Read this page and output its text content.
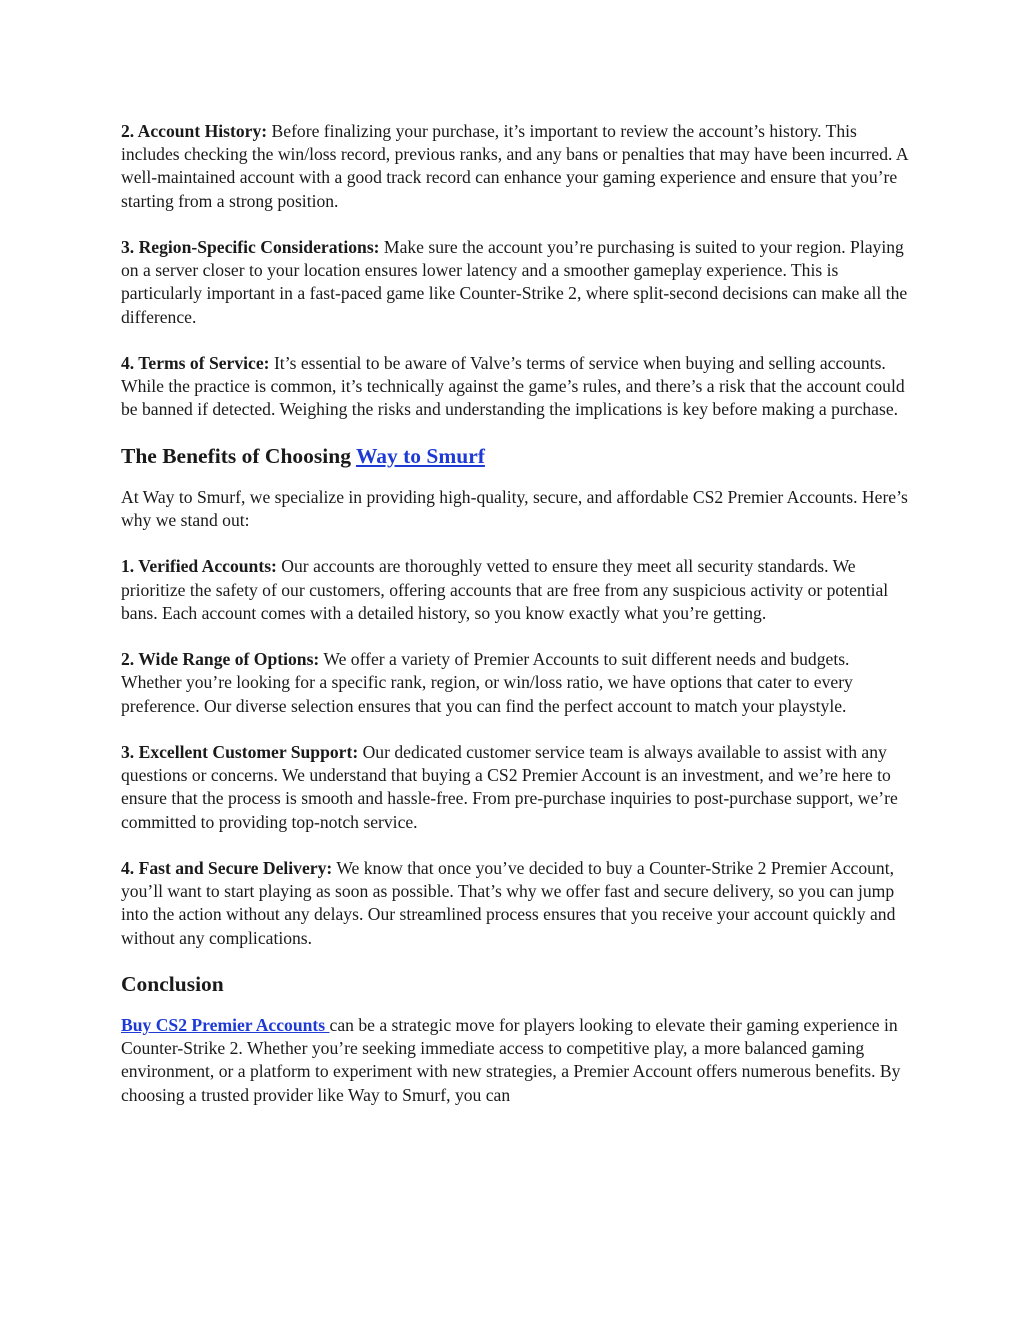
2. Account History: Before finalizing your purchase, it’s important to review the account’s history. This includes checking the win/loss record, previous ranks, and any bans or penalties that may have been incurred. A well-maintained account with a good track record can enhance your gaming experience and ensure that you’re starting from a strong position.

3. Region-Specific Considerations: Make sure the account you’re purchasing is suited to your region. Playing on a server closer to your location ensures lower latency and a smoother gameplay experience. This is particularly important in a fast-paced game like Counter-Strike 2, where split-second decisions can make all the difference.

4. Terms of Service: It’s essential to be aware of Valve’s terms of service when buying and selling accounts. While the practice is common, it’s technically against the game’s rules, and there’s a risk that the account could be banned if detected. Weighing the risks and understanding the implications is key before making a purchase.

The Benefits of Choosing Way to Smurf

At Way to Smurf, we specialize in providing high-quality, secure, and affordable CS2 Premier Accounts. Here’s why we stand out:

1. Verified Accounts: Our accounts are thoroughly vetted to ensure they meet all security standards. We prioritize the safety of our customers, offering accounts that are free from any suspicious activity or potential bans. Each account comes with a detailed history, so you know exactly what you’re getting.

2. Wide Range of Options: We offer a variety of Premier Accounts to suit different needs and budgets. Whether you’re looking for a specific rank, region, or win/loss ratio, we have options that cater to every preference. Our diverse selection ensures that you can find the perfect account to match your playstyle.

3. Excellent Customer Support: Our dedicated customer service team is always available to assist with any questions or concerns. We understand that buying a CS2 Premier Account is an investment, and we’re here to ensure that the process is smooth and hassle-free. From pre-purchase inquiries to post-purchase support, we’re committed to providing top-notch service.

4. Fast and Secure Delivery: We know that once you’ve decided to buy a Counter-Strike 2 Premier Account, you’ll want to start playing as soon as possible. That’s why we offer fast and secure delivery, so you can jump into the action without any delays. Our streamlined process ensures that you receive your account quickly and without any complications.

Conclusion

Buy CS2 Premier Accounts can be a strategic move for players looking to elevate their gaming experience in Counter-Strike 2. Whether you’re seeking immediate access to competitive play, a more balanced gaming environment, or a platform to experiment with new strategies, a Premier Account offers numerous benefits. By choosing a trusted provider like Way to Smurf, you can
